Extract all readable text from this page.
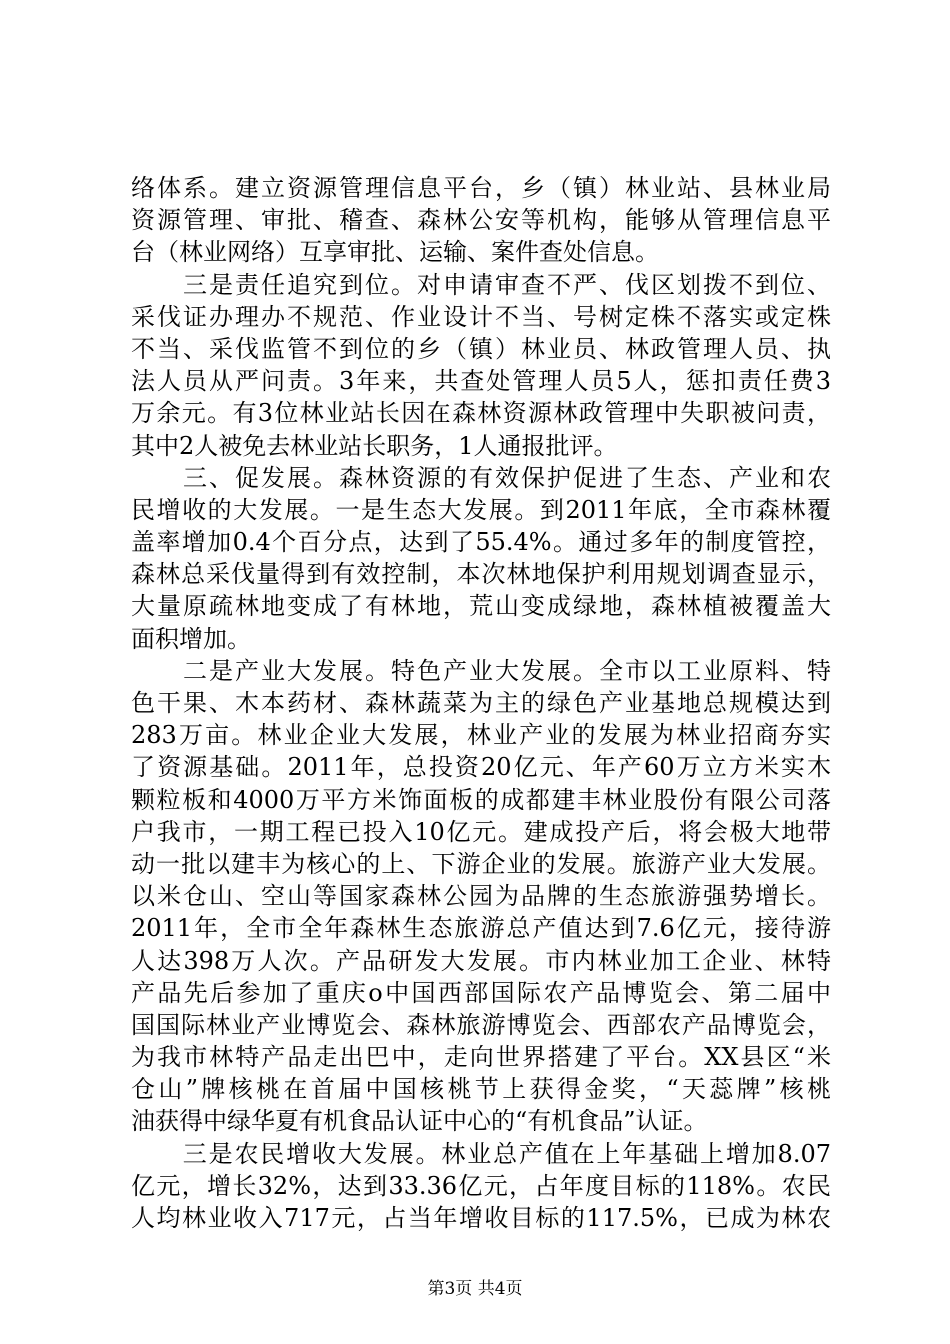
络体系。建立资源管理信息平台，乡（镇）林业站、县林业局
资源管理、审批、稽查、森林公安等机构，能够从管理信息平
台（林业网络）互享审批、运输、案件查处信息。
　　三是责任追究到位。对申请审查不严、伐区划拨不到位、
采伐证办理办不规范、作业设计不当、号树定株不落实或定株
不当、采伐监管不到位的乡（镇）林业员、林政管理人员、执
法人员从严问责。3年来，共查处管理人员5人，惩扣责任费3
万余元。有3位林业站长因在森林资源林政管理中失职被问责，
其中2人被免去林业站长职务，1人通报批评。
　　三、促发展。森林资源的有效保护促进了生态、产业和农
民增收的大发展。一是生态大发展。到2011年底，全市森林覆
盖率增加0.4个百分点，达到了55.4%。通过多年的制度管控，
森林总采伐量得到有效控制，本次林地保护利用规划调查显示，
大量原疏林地变成了有林地，荒山变成绿地，森林植被覆盖大
面积增加。
　　二是产业大发展。特色产业大发展。全市以工业原料、特
色干果、木本药材、森林蔬菜为主的绿色产业基地总规模达到
283万亩。林业企业大发展，林业产业的发展为林业招商夯实
了资源基础。2011年，总投资20亿元、年产60万立方米实木
颗粒板和4000万平方米饰面板的成都建丰林业股份有限公司落
户我市，一期工程已投入10亿元。建成投产后，将会极大地带
动一批以建丰为核心的上、下游企业的发展。旅游产业大发展。
以米仓山、空山等国家森林公园为品牌的生态旅游强势增长。
2011年，全市全年森林生态旅游总产值达到7.6亿元，接待游
人达398万人次。产品研发大发展。市内林业加工企业、林特
产品先后参加了重庆o中国西部国际农产品博览会、第二届中
国国际林业产业博览会、森林旅游博览会、西部农产品博览会，
为我市林特产品走出巴中，走向世界搭建了平台。XX县区“米
仓山”牌核桃在首届中国核桃节上获得金奖，“天蕊牌”核桃
油获得中绿华夏有机食品认证中心的“有机食品”认证。
　　三是农民增收大发展。林业总产值在上年基础上增加8.07
亿元，增长32%，达到33.36亿元，占年度目标的118%。农民
人均林业收入717元，占当年增收目标的117.5%，已成为林农
第3页 共4页
